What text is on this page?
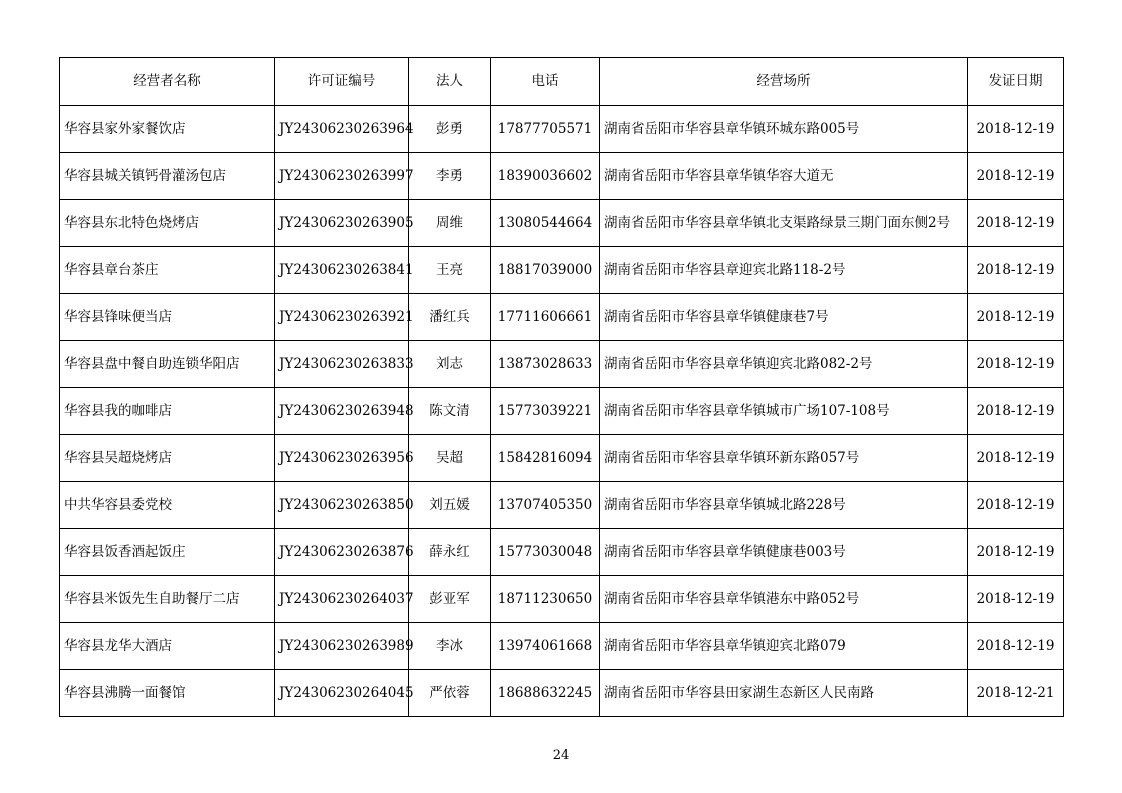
经营者名称	许可证编号	法人	电话	经营场所	发证日期
华容县家外家餐饮店	JY24306230263964	彭勇	17877705571	湖南省岳阳市华容县章华镇环城东路005号	2018-12-19
华容县城关镇钙骨灌汤包店	JY24306230263997	李勇	18390036602	湖南省岳阳市华容县章华镇华容大道无	2018-12-19
华容县东北特色烧烤店	JY24306230263905	周维	13080544664	湖南省岳阳市华容县章华镇北支渠路绿景三期门面东侧2号	2018-12-19
华容县章台茶庄	JY24306230263841	王亮	18817039000	湖南省岳阳市华容县章迎宾北路118-2号	2018-12-19
华容县锋味便当店	JY24306230263921	潘红兵	17711606661	湖南省岳阳市华容县章华镇健康巷7号	2018-12-19
华容县盘中餐自助连锁华阳店	JY24306230263833	刘志	13873028633	湖南省岳阳市华容县章华镇迎宾北路082-2号	2018-12-19
华容县我的咖啡店	JY24306230263948	陈文清	15773039221	湖南省岳阳市华容县章华镇城市广场107-108号	2018-12-19
华容县吴超烧烤店	JY24306230263956	吴超	15842816094	湖南省岳阳市华容县章华镇环新东路057号	2018-12-19
中共华容县委党校	JY24306230263850	刘五媛	13707405350	湖南省岳阳市华容县章华镇城北路228号	2018-12-19
华容县饭香酒起饭庄	JY24306230263876	薛永红	15773030048	湖南省岳阳市华容县章华镇健康巷003号	2018-12-19
华容县米饭先生自助餐厅二店	JY24306230264037	彭亚军	18711230650	湖南省岳阳市华容县章华镇港东中路052号	2018-12-19
华容县龙华大酒店	JY24306230263989	李冰	13974061668	湖南省岳阳市华容县章华镇迎宾北路079	2018-12-19
华容县沸腾一面餐馆	JY24306230264045	严依蓉	18688632245	湖南省岳阳市华容县田家湖生态新区人民南路	2018-12-21
24
